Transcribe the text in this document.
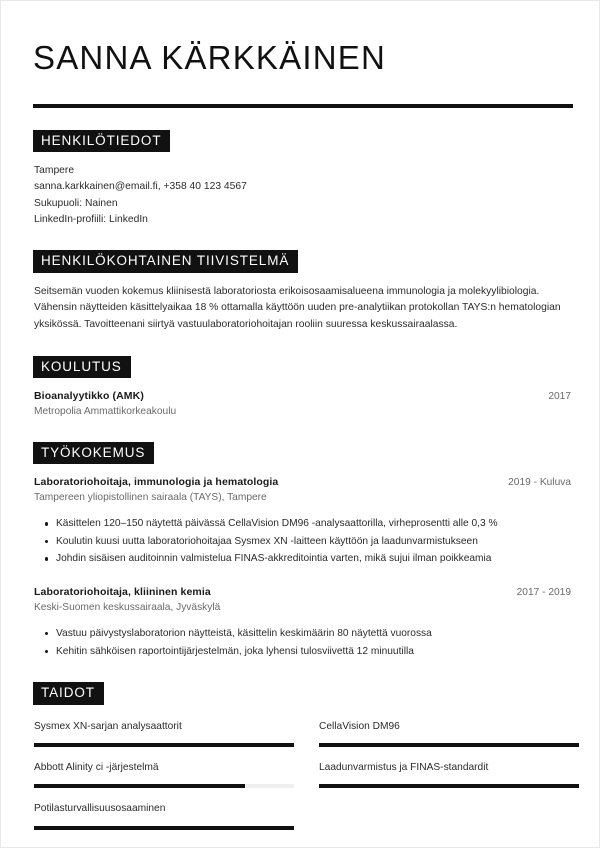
SANNA KÄRKKÄINEN
HENKILÖTIEDOT
Tampere
sanna.karkkainen@email.fi, +358 40 123 4567
Sukupuoli: Nainen
LinkedIn-profiili: LinkedIn
HENKILÖKOHTAINEN TIIVISTELMÄ
Seitsemän vuoden kokemus kliinisestä laboratoriosta erikoisosaamisalueena immunologia ja molekyylibiologia. Vähensin näytteiden käsittelyaikaa 18 % ottamalla käyttöön uuden pre-analytiikan protokollan TAYS:n hematologian yksikössä. Tavoitteenani siirtyä vastuulaboratoriohoitajan rooliin suuressa keskussairaalassa.
KOULUTUS
Bioanalyytikko (AMK)	2017
Metropolia Ammattikorkeakoulu
TYÖKOKEMUS
Laboratoriohoitaja, immunologia ja hematologia	2019 - Kuluva
Tampereen yliopistollinen sairaala (TAYS), Tampere
Käsittelen 120–150 näytettä päivässä CellaVision DM96 -analysaattorilla, virheprosentti alle 0,3 %
Koulutin kuusi uutta laboratoriohoitajaa Sysmex XN -laitteen käyttöön ja laadunvarmistukseen
Johdin sisäisen auditoinnin valmistelua FINAS-akkreditointia varten, mikä sujui ilman poikkeamia
Laboratoriohoitaja, kliininen kemia	2017 - 2019
Keski-Suomen keskussairaala, Jyväskylä
Vastuu päivystyslaboratorion näytteistä, käsittelin keskimäärin 80 näytettä vuorossa
Kehitin sähköisen raportointijärjestelmän, joka lyhensi tulosviivettä 12 minuutilla
TAIDOT
Sysmex XN-sarjan analysaattorit	CellaVision DM96
Abbott Alinity ci -järjestelmä	Laadunvarmistus ja FINAS-standardit
Potilasturvallisuusosaaminen
